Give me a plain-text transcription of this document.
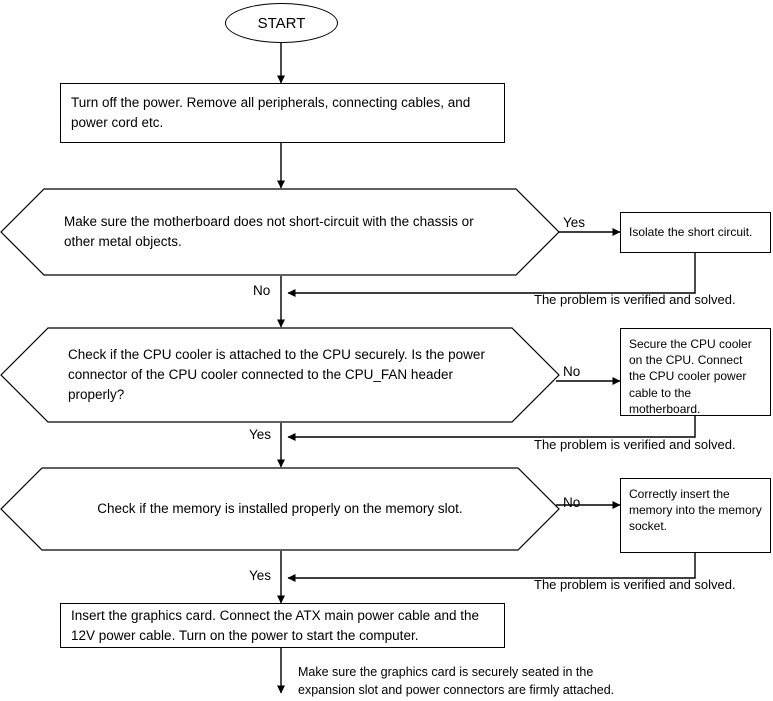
START
Turn off the power. Remove all peripherals, connecting cables, and power cord etc.
Make sure the motherboard does not short-circuit with the chassis or other metal objects.
Isolate the short circuit.
Check if the CPU cooler is attached to the CPU securely. Is the power connector of the CPU cooler connected to the CPU_FAN header properly?
Secure the CPU cooler on the CPU. Connect the CPU cooler power cable to the motherboard.
Check if the memory is installed properly on the memory slot.
Correctly insert the memory into the memory socket.
Insert the graphics card. Connect the ATX main power cable and the 12V power cable. Turn on the power to start the computer.
Yes
No
No
Yes
No
Yes
The problem is verified and solved.
The problem is verified and solved.
The problem is verified and solved.
Make sure the graphics card is securely seated in the expansion slot and power connectors are firmly attached.
